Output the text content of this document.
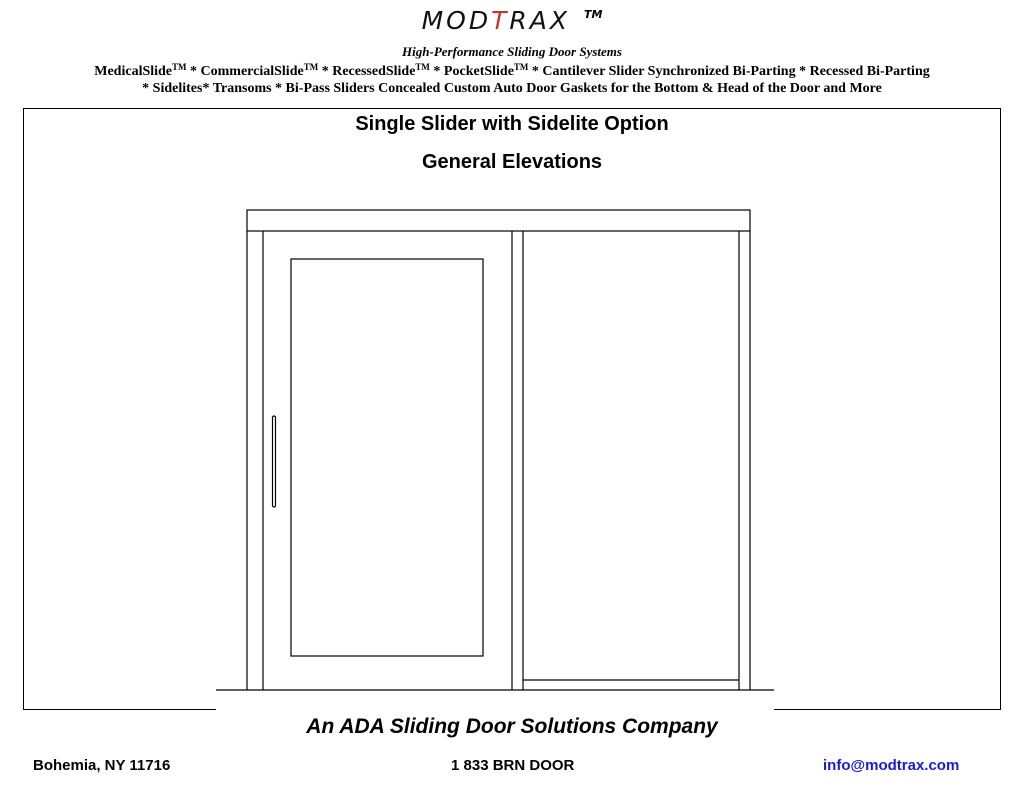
MODTRAX TM
High-Performance Sliding Door Systems
MedicalSlide™ * CommercialSlide™ * RecessedSlide™ * PocketSlide™ * Cantilever Slider Synchronized Bi-Parting * Recessed Bi-Parting
* Sidelites* Transoms * Bi-Pass Sliders Concealed Custom Auto Door Gaskets for the Bottom & Head of the Door and More
Single Slider with Sidelite Option
General Elevations
An ADA Sliding Door Solutions Company
Bohemia, NY 11716	1 833 BRN DOOR	info@modtrax.com
